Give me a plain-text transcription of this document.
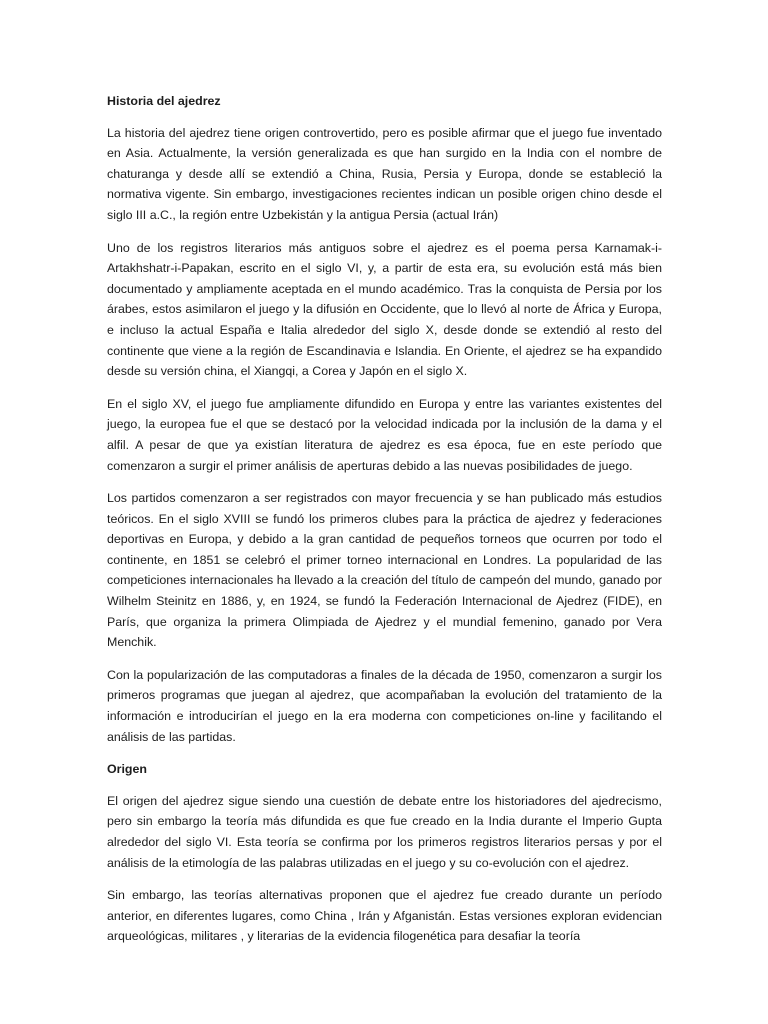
Historia del ajedrez

La historia del ajedrez tiene origen controvertido, pero es posible afirmar que el juego fue inventado en Asia. Actualmente, la versión generalizada es que han surgido en la India con el nombre de chaturanga y desde allí se extendió a China, Rusia, Persia y Europa, donde se estableció la normativa vigente. Sin embargo, investigaciones recientes indican un posible origen chino desde el siglo III a.C., la región entre Uzbekistán y la antigua Persia (actual Irán)

Uno de los registros literarios más antiguos sobre el ajedrez es el poema persa Karnamak-i-Artakhshatr-i-Papakan, escrito en el siglo VI, y, a partir de esta era, su evolución está más bien documentado y ampliamente aceptada en el mundo académico. Tras la conquista de Persia por los árabes, estos asimilaron el juego y la difusión en Occidente, que lo llevó al norte de África y Europa, e incluso la actual España e Italia alrededor del siglo X, desde donde se extendió al resto del continente que viene a la región de Escandinavia e Islandia. En Oriente, el ajedrez se ha expandido desde su versión china, el Xiangqi, a Corea y Japón en el siglo X.

En el siglo XV, el juego fue ampliamente difundido en Europa y entre las variantes existentes del juego, la europea fue el que se destacó por la velocidad indicada por la inclusión de la dama y el alfil. A pesar de que ya existían literatura de ajedrez es esa época, fue en este período que comenzaron a surgir el primer análisis de aperturas debido a las nuevas posibilidades de juego.

Los partidos comenzaron a ser registrados con mayor frecuencia y se han publicado más estudios teóricos. En el siglo XVIII se fundó los primeros clubes para la práctica de ajedrez y federaciones deportivas en Europa, y debido a la gran cantidad de pequeños torneos que ocurren por todo el continente, en 1851 se celebró el primer torneo internacional en Londres. La popularidad de las competiciones internacionales ha llevado a la creación del título de campeón del mundo, ganado por Wilhelm Steinitz en 1886, y, en 1924, se fundó la Federación Internacional de Ajedrez (FIDE), en París, que organiza la primera Olimpiada de Ajedrez y el mundial femenino, ganado por Vera Menchik.

Con la popularización de las computadoras a finales de la década de 1950, comenzaron a surgir los primeros programas que juegan al ajedrez, que acompañaban la evolución del tratamiento de la información e introducirían el juego en la era moderna con competiciones on-line y facilitando el análisis de las partidas.

Origen

El origen del ajedrez sigue siendo una cuestión de debate entre los historiadores del ajedrecismo, pero sin embargo la teoría más difundida es que fue creado en la India durante el Imperio Gupta alrededor del siglo VI. Esta teoría se confirma por los primeros registros literarios persas y por el análisis de la etimología de las palabras utilizadas en el juego y su co-evolución con el ajedrez.

Sin embargo, las teorías alternativas proponen que el ajedrez fue creado durante un período anterior, en diferentes lugares, como China , Irán y Afganistán. Estas versiones exploran evidencian arqueológicas, militares , y literarias de la evidencia filogenética para desafiar la teoría
